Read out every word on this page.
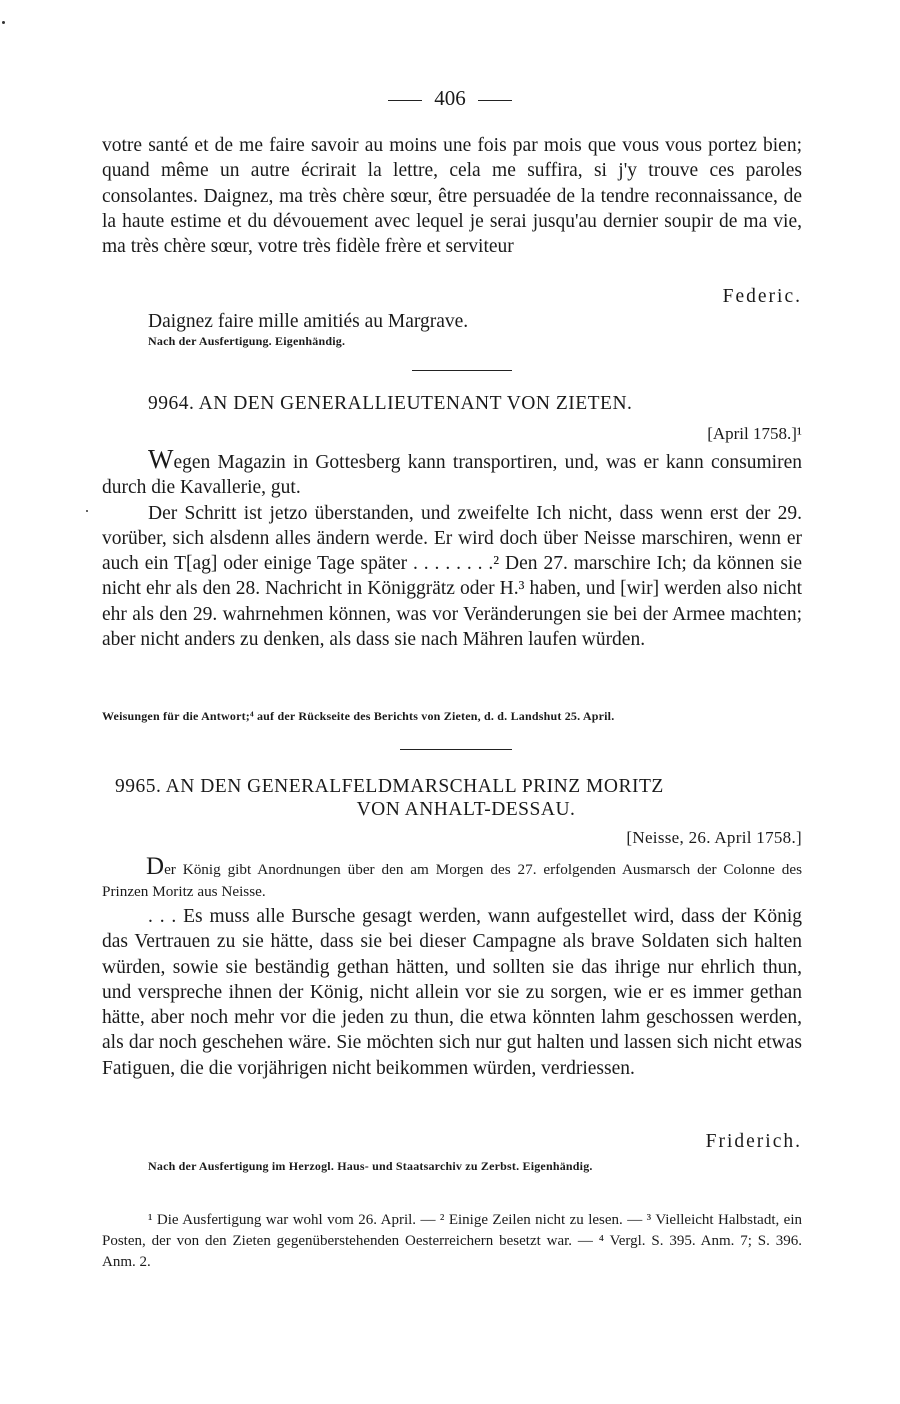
406

votre santé et de me faire savoir au moins une fois par mois que vous vous portez bien; quand même un autre écrirait la lettre, cela me suffira, si j'y trouve ces paroles consolantes. Daignez, ma très chère sœur, être persuadée de la tendre reconnaissance, de la haute estime et du dévouement avec lequel je serai jusqu'au dernier soupir de ma vie, ma très chère sœur, votre très fidèle frère et serviteur

Federic.
Daignez faire mille amitiés au Margrave.
Nach der Ausfertigung. Eigenhändig.
9964. AN DEN GENERALLIEUTENANT VON ZIETEN.
[April 1758.]¹

Wegen Magazin in Gottesberg kann transportiren, und, was er kann consumiren durch die Kavallerie, gut.

Der Schritt ist jetzo überstanden, und zweifelte Ich nicht, dass wenn erst der 29. vorüber, sich alsdenn alles ändern werde. Er wird doch über Neisse marschiren, wenn er auch ein T[ag] oder einige Tage später . . . . . . . .² Den 27. marschire Ich; da können sie nicht ehr als den 28. Nachricht in Königgrätz oder H.³ haben, und [wir] werden also nicht ehr als den 29. wahrnehmen können, was vor Veränderungen sie bei der Armee machten; aber nicht anders zu denken, als dass sie nach Mähren laufen würden.

Weisungen für die Antwort;⁴ auf der Rückseite des Berichts von Zieten, d. d. Landshut 25. April.
9965. AN DEN GENERALFELDMARSCHALL PRINZ MORITZ
VON ANHALT-DESSAU.
[Neisse, 26. April 1758.]
Der König gibt Anordnungen über den am Morgen des 27. erfolgenden Ausmarsch der Colonne des Prinzen Moritz aus Neisse.

. . . Es muss alle Bursche gesagt werden, wann aufgestellet wird, dass der König das Vertrauen zu sie hätte, dass sie bei dieser Campagne als brave Soldaten sich halten würden, sowie sie beständig gethan hätten, und sollten sie das ihrige nur ehrlich thun, und verspreche ihnen der König, nicht allein vor sie zu sorgen, wie er es immer gethan hätte, aber noch mehr vor die jeden zu thun, die etwa könnten lahm geschossen werden, als dar noch geschehen wäre. Sie möchten sich nur gut halten und lassen sich nicht etwas Fatiguen, die die vorjährigen nicht beikommen würden, verdriessen.

Friderich.
Nach der Ausfertigung im Herzogl. Haus- und Staatsarchiv zu Zerbst. Eigenhändig.
¹ Die Ausfertigung war wohl vom 26. April. — ² Einige Zeilen nicht zu lesen. — ³ Vielleicht Halbstadt, ein Posten, der von den Zieten gegenüberstehenden Oesterreichern besetzt war. — ⁴ Vergl. S. 395. Anm. 7; S. 396. Anm. 2.
